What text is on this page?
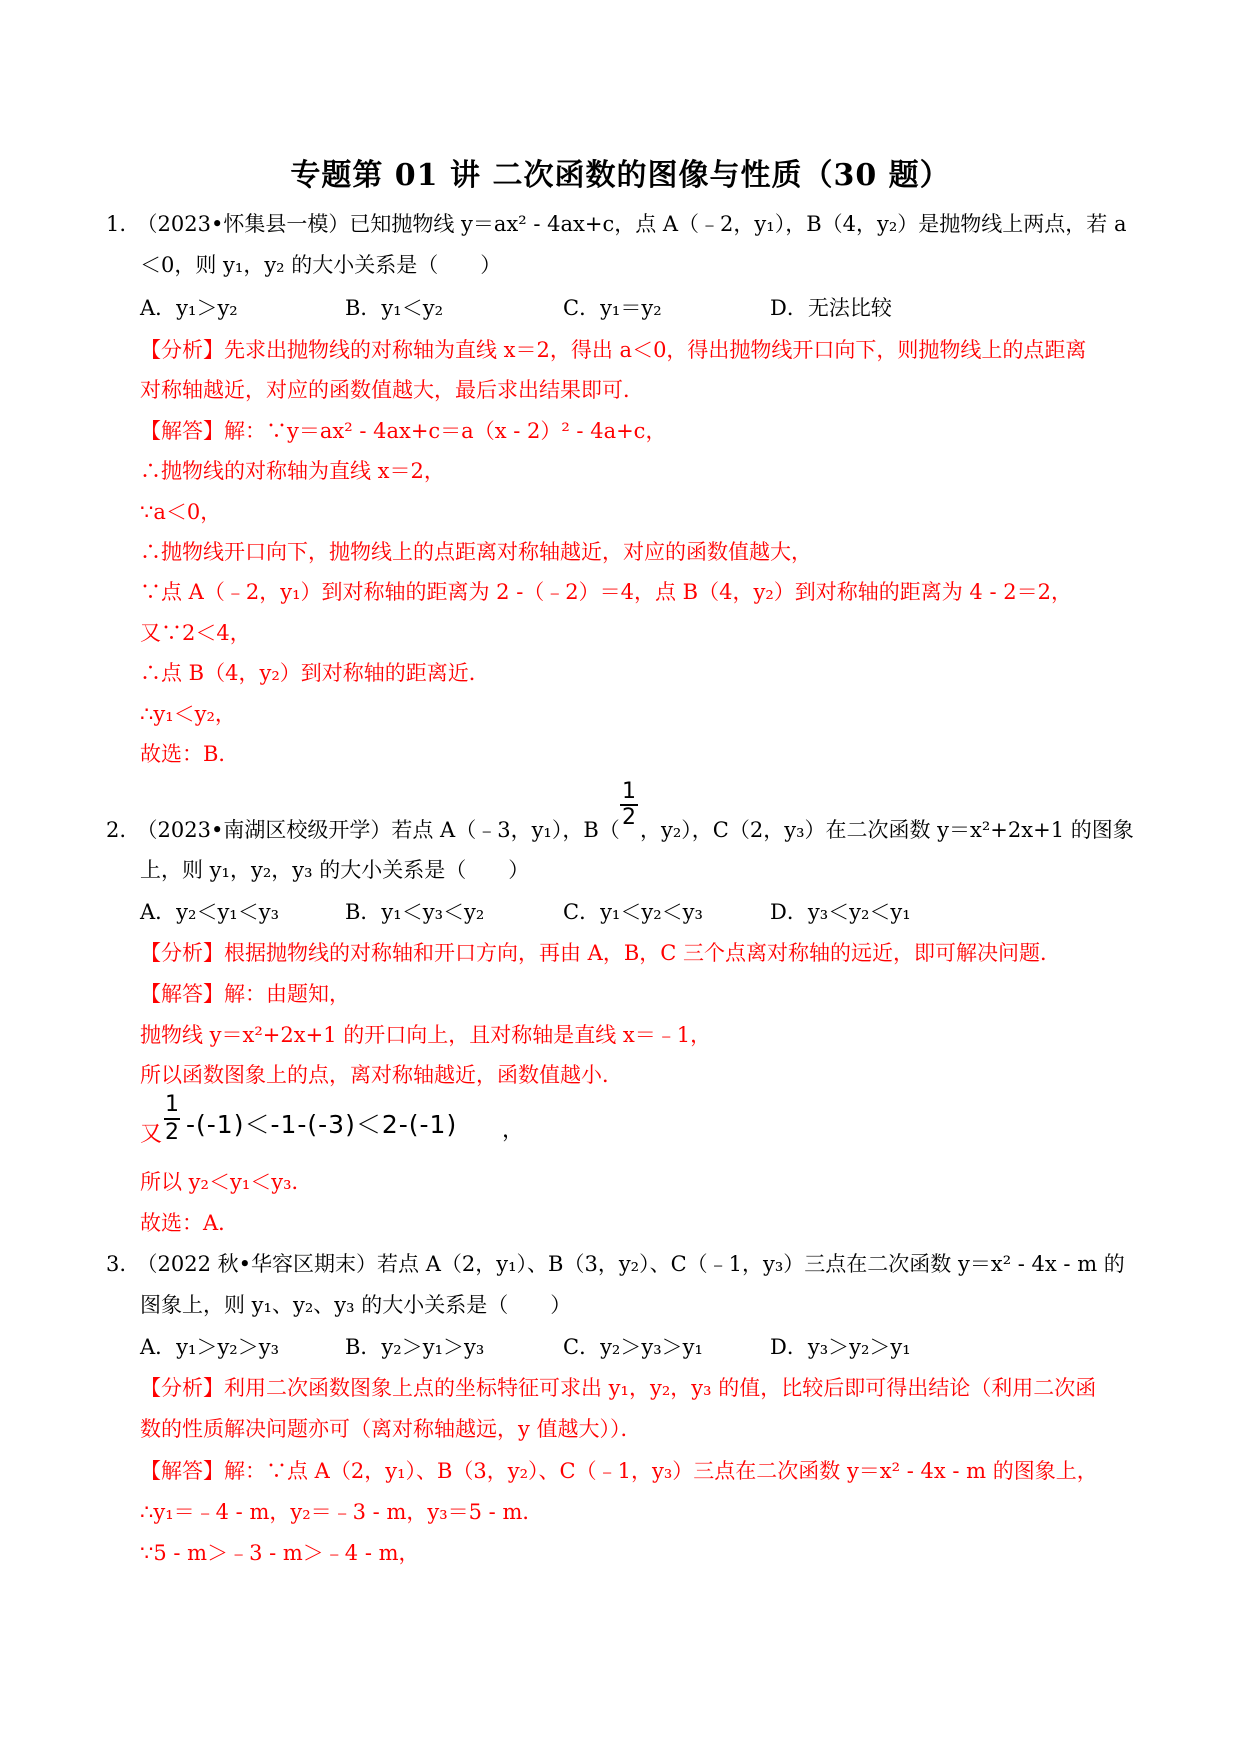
专题第 01 讲 二次函数的图像与性质（30 题）
1.　（2023•怀集县一模）已知抛物线 y＝ax² - 4ax+c，点 A（﹣2，y₁），B（4，y₂）是抛物线上两点，若 a
＜0，则 y₁，y₂ 的大小关系是（　　）
A．y₁＞y₂	B．y₁＜y₂	C．y₁＝y₂	D．无法比较
【分析】先求出抛物线的对称轴为直线 x＝2，得出 a＜0，得出抛物线开口向下，则抛物线上的点距离
对称轴越近，对应的函数值越大，最后求出结果即可．
【解答】解：∵y＝ax² - 4ax+c＝a（x - 2）² - 4a+c，
∴抛物线的对称轴为直线 x＝2，
∵a＜0，
∴抛物线开口向下，抛物线上的点距离对称轴越近，对应的函数值越大，
∵点 A（﹣2，y₁）到对称轴的距离为 2 -（﹣2）＝4，点 B（4，y₂）到对称轴的距离为 4 - 2＝2，
又∵2＜4，
∴点 B（4，y₂）到对称轴的距离近．
∴y₁＜y₂，
故选：B．
2.　（2023•南湖区校级开学）若点 A（﹣3，y₁），B（
1
2 ，y₂），C（2，y₃）在二次函数 y＝x²+2x+1 的图象
上，则 y₁，y₂，y₃ 的大小关系是（　　）
A．y₂＜y₁＜y₃	B．y₁＜y₃＜y₂	C．y₁＜y₂＜y₃	D．y₃＜y₂＜y₁
【分析】根据抛物线的对称轴和开口方向，再由 A，B，C 三个点离对称轴的远近，即可解决问题．
【解答】解：由题知，
抛物线 y＝x²+2x+1 的开口向上，且对称轴是直线 x＝﹣1，
所以函数图象上的点，离对称轴越近，函数值越小．
又
1
2 -(-1)＜-1-(-3)＜2-(-1) ，
所以 y₂＜y₁＜y₃．
故选：A．
3.　（2022 秋•华容区期末）若点 A（2，y₁）、B（3，y₂）、C（﹣1，y₃）三点在二次函数 y＝x² - 4x - m 的
图象上，则 y₁、y₂、y₃ 的大小关系是（　　）
A．y₁＞y₂＞y₃	B．y₂＞y₁＞y₃	C．y₂＞y₃＞y₁	D．y₃＞y₂＞y₁
【分析】利用二次函数图象上点的坐标特征可求出 y₁，y₂，y₃ 的值，比较后即可得出结论（利用二次函
数的性质解决问题亦可（离对称轴越远，y 值越大））．
【解答】解：∵点 A（2，y₁）、B（3，y₂）、C（﹣1，y₃）三点在二次函数 y＝x² - 4x - m 的图象上，
∴y₁＝﹣4 - m，y₂＝﹣3 - m，y₃＝5 - m．
∵5 - m＞﹣3 - m＞﹣4 - m，
